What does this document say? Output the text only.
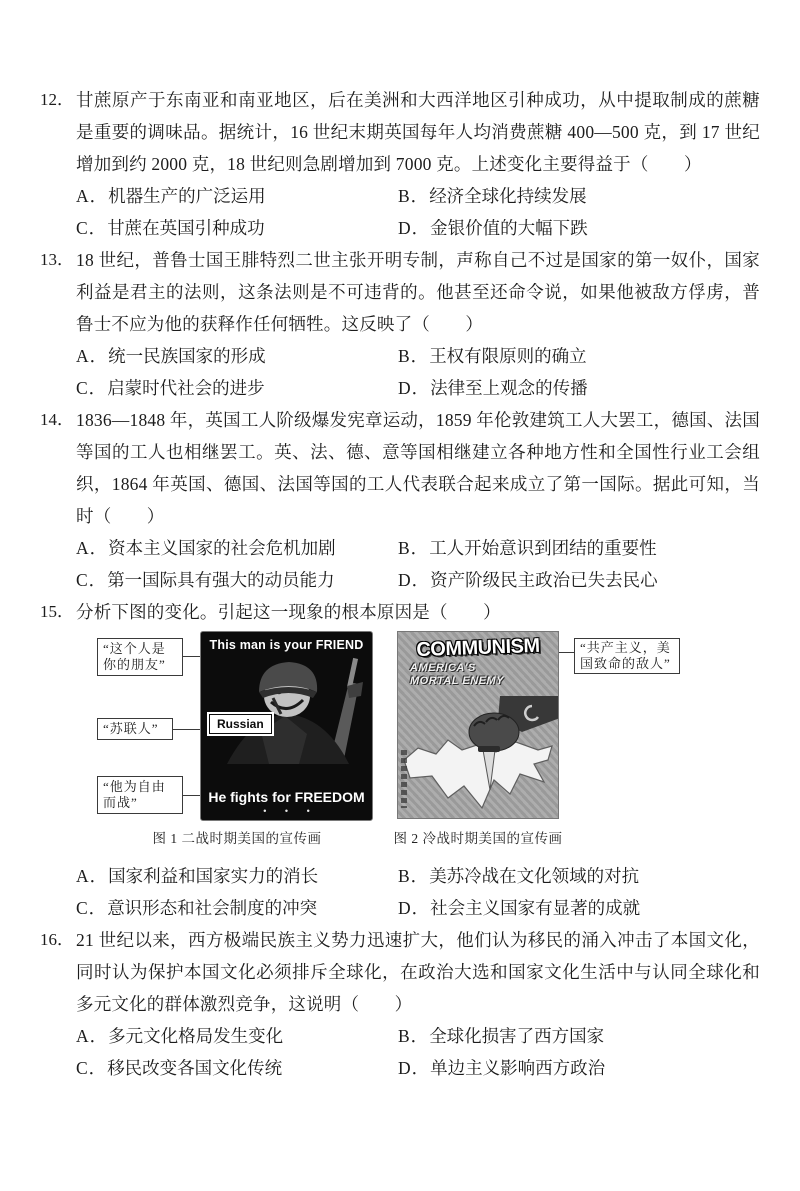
12． 甘蔗原产于东南亚和南亚地区，后在美洲和大西洋地区引种成功，从中提取制成的蔗糖是重要的调味品。据统计，16 世纪末期英国每年人均消费蔗糖 400—500 克，到 17 世纪增加到约 2000 克，18 世纪则急剧增加到 7000 克。上述变化主要得益于（　　）
A．机器生产的广泛运用	B．经济全球化持续发展
C．甘蔗在英国引种成功	D．金银价值的大幅下跌
13． 18 世纪，普鲁士国王腓特烈二世主张开明专制，声称自己不过是国家的第一奴仆，国家利益是君主的法则，这条法则是不可违背的。他甚至还命令说，如果他被敌方俘虏，普鲁士不应为他的获释作任何牺牲。这反映了（　　）
A．统一民族国家的形成	B．王权有限原则的确立
C．启蒙时代社会的进步	D．法律至上观念的传播
14． 1836—1848 年，英国工人阶级爆发宪章运动，1859 年伦敦建筑工人大罢工，德国、法国等国的工人也相继罢工。英、法、德、意等国相继建立各种地方性和全国性行业工会组织，1864 年英国、德国、法国等国的工人代表联合起来成立了第一国际。据此可知，当时（　　）
A．资本主义国家的社会危机加剧	B．工人开始意识到团结的重要性
C．第一国际具有强大的动员能力	D．资产阶级民主政治已失去民心
15． 分析下图的变化。引起这一现象的根本原因是（　　）
“这个人是你的朋友”
“苏联人”
“他为自由而战”
This man is your FRIEND
Russian
He fights for FREEDOM
• • •
图 1 二战时期美国的宣传画
COMMUNISM
AMERICA'S
MORTAL ENEMY
“共产主义，美国致命的敌人”
图 2 冷战时期美国的宣传画
A．国家利益和国家实力的消长	B．美苏冷战在文化领域的对抗
C．意识形态和社会制度的冲突	D．社会主义国家有显著的成就
16． 21 世纪以来，西方极端民族主义势力迅速扩大，他们认为移民的涌入冲击了本国文化，同时认为保护本国文化必须排斥全球化，在政治大选和国家文化生活中与认同全球化和多元文化的群体激烈竞争，这说明（　　）
A．多元文化格局发生变化	B．全球化损害了西方国家
C．移民改变各国文化传统	D．单边主义影响西方政治
